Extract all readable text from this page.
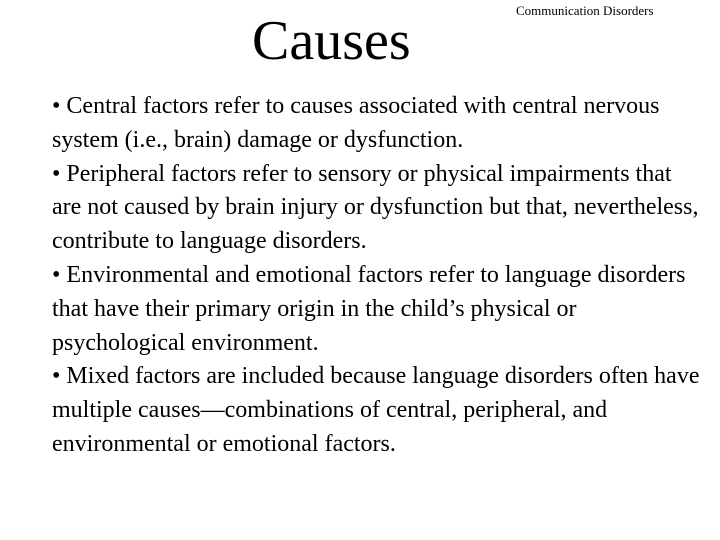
Causes	Communication Disorders

• Central factors refer to causes associated with central nervous system (i.e., brain) damage or dysfunction.

• Peripheral factors refer to sensory or physical impairments that are not caused by brain injury or dysfunction but that, nevertheless, contribute to language disorders.

• Environmental and emotional factors refer to language disorders that have their primary origin in the child’s physical or psychological environment.

• Mixed factors are included because language disorders often have multiple causes—combinations of central, peripheral, and environmental or emotional factors.
